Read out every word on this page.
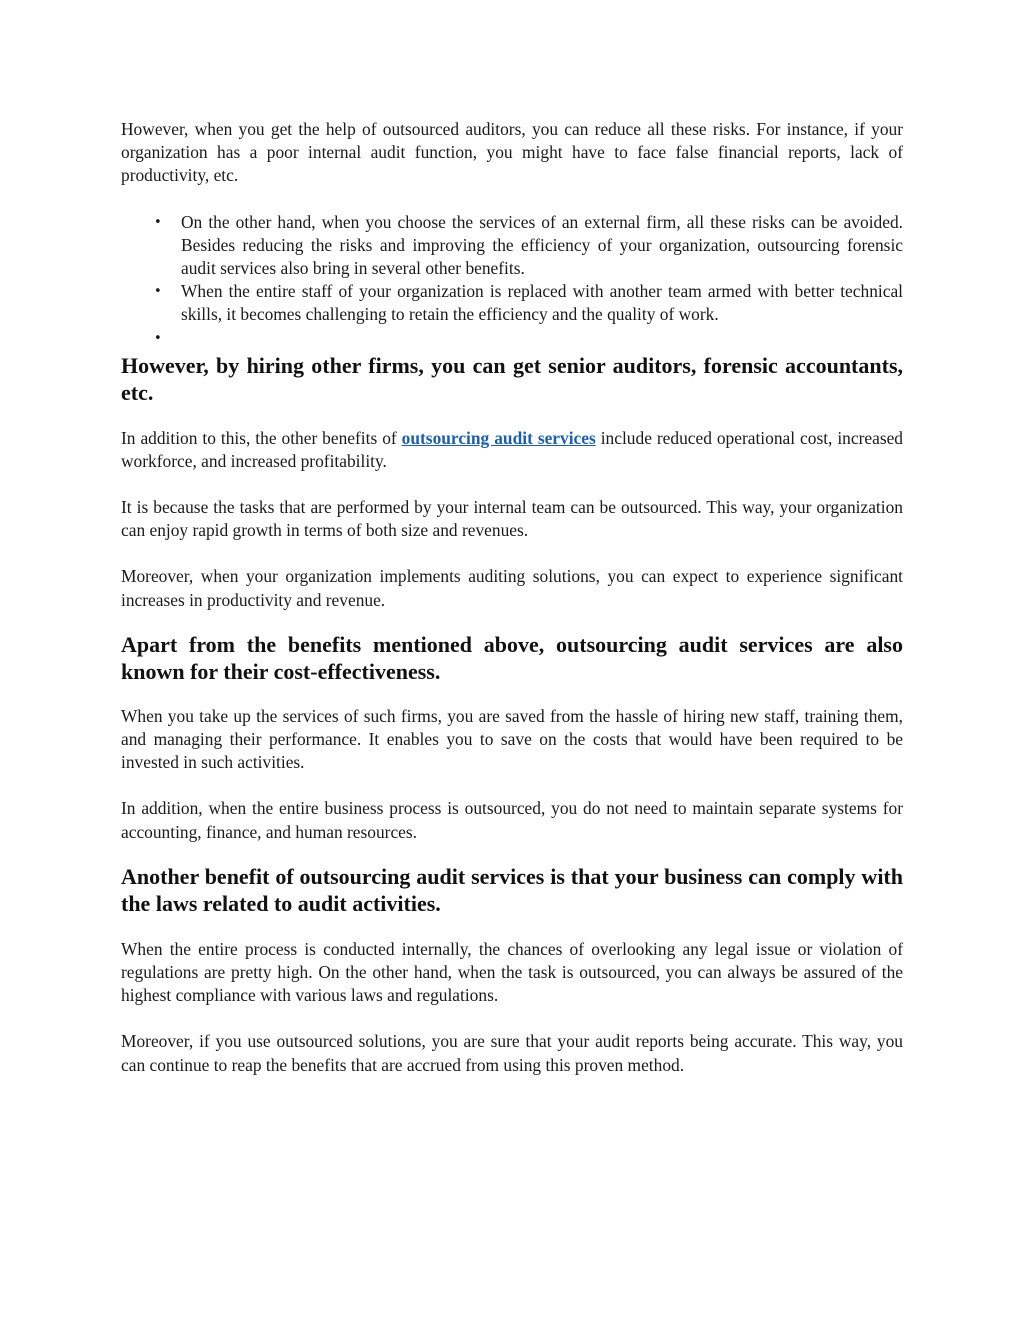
However, when you get the help of outsourced auditors, you can reduce all these risks. For instance, if your organization has a poor internal audit function, you might have to face false financial reports, lack of productivity, etc.

• On the other hand, when you choose the services of an external firm, all these risks can be avoided. Besides reducing the risks and improving the efficiency of your organization, outsourcing forensic audit services also bring in several other benefits.
• When the entire staff of your organization is replaced with another team armed with better technical skills, it becomes challenging to retain the efficiency and the quality of work.
•
However, by hiring other firms, you can get senior auditors, forensic accountants, etc.

In addition to this, the other benefits of outsourcing audit services include reduced operational cost, increased workforce, and increased profitability.

It is because the tasks that are performed by your internal team can be outsourced. This way, your organization can enjoy rapid growth in terms of both size and revenues.

Moreover, when your organization implements auditing solutions, you can expect to experience significant increases in productivity and revenue.

Apart from the benefits mentioned above, outsourcing audit services are also known for their cost-effectiveness.

When you take up the services of such firms, you are saved from the hassle of hiring new staff, training them, and managing their performance. It enables you to save on the costs that would have been required to be invested in such activities.

In addition, when the entire business process is outsourced, you do not need to maintain separate systems for accounting, finance, and human resources.

Another benefit of outsourcing audit services is that your business can comply with the laws related to audit activities.

When the entire process is conducted internally, the chances of overlooking any legal issue or violation of regulations are pretty high. On the other hand, when the task is outsourced, you can always be assured of the highest compliance with various laws and regulations.

Moreover, if you use outsourced solutions, you are sure that your audit reports being accurate. This way, you can continue to reap the benefits that are accrued from using this proven method.
